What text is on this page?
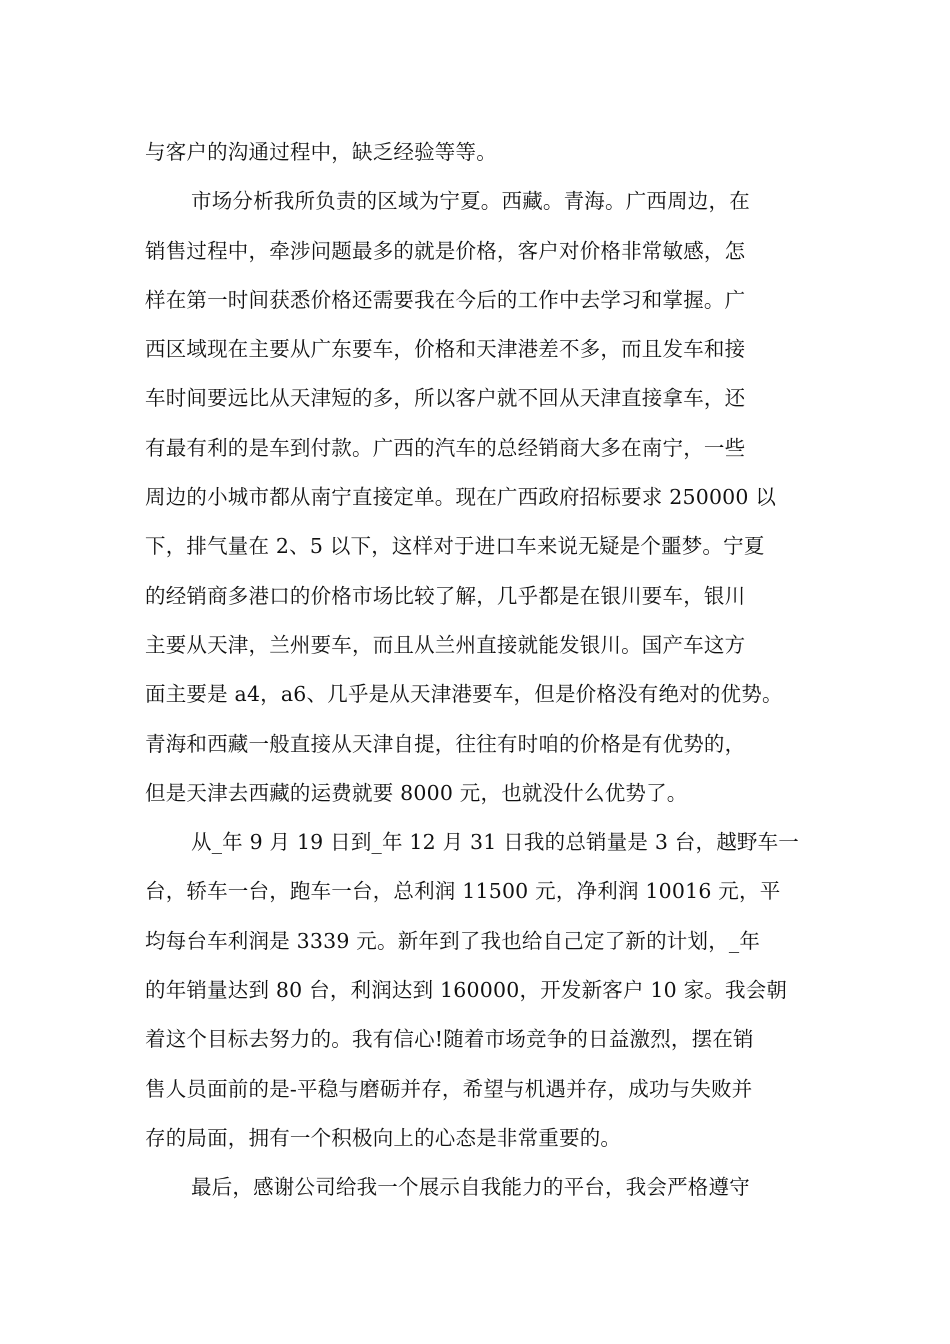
与客户的沟通过程中，缺乏经验等等。
市场分析我所负责的区域为宁夏。西藏。青海。广西周边，在
销售过程中，牵涉问题最多的就是价格，客户对价格非常敏感，怎
样在第一时间获悉价格还需要我在今后的工作中去学习和掌握。广
西区域现在主要从广东要车，价格和天津港差不多，而且发车和接
车时间要远比从天津短的多，所以客户就不回从天津直接拿车，还
有最有利的是车到付款。广西的汽车的总经销商大多在南宁，一些
周边的小城市都从南宁直接定单。现在广西政府招标要求 250000 以
下，排气量在 2、5 以下，这样对于进口车来说无疑是个噩梦。宁夏
的经销商多港口的价格市场比较了解，几乎都是在银川要车，银川
主要从天津，兰州要车，而且从兰州直接就能发银川。国产车这方
面主要是 a4，a6、几乎是从天津港要车，但是价格没有绝对的优势。
青海和西藏一般直接从天津自提，往往有时咱的价格是有优势的，
但是天津去西藏的运费就要 8000 元，也就没什么优势了。
从_年 9 月 19 日到_年 12 月 31 日我的总销量是 3 台，越野车一
台，轿车一台，跑车一台，总利润 11500 元，净利润 10016 元，平
均每台车利润是 3339 元。新年到了我也给自己定了新的计划，_年
的年销量达到 80 台，利润达到 160000，开发新客户 10 家。我会朝
着这个目标去努力的。我有信心!随着市场竞争的日益激烈，摆在销
售人员面前的是-平稳与磨砺并存，希望与机遇并存，成功与失败并
存的局面，拥有一个积极向上的心态是非常重要的。
最后，感谢公司给我一个展示自我能力的平台，我会严格遵守
